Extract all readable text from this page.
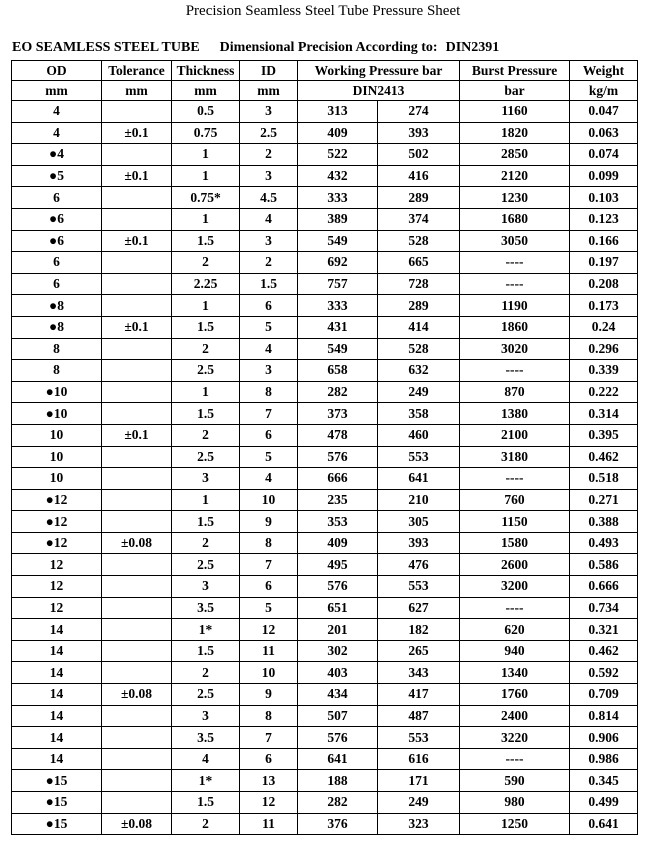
Precision Seamless Steel Tube Pressure Sheet
EO SEAMLESS STEEL TUBE Dimensional Precision According to: DIN2391
OD	Tolerance	Thickness	ID	Working Pressure bar		Burst Pressure	Weight
mm	mm	mm	mm	DIN2413		bar	kg/m
4		0.5	3	313	274	1160	0.047
4	±0.1	0.75	2.5	409	393	1820	0.063
●4		1	2	522	502	2850	0.074
●5	±0.1	1	3	432	416	2120	0.099
6		0.75*	4.5	333	289	1230	0.103
●6		1	4	389	374	1680	0.123
●6	±0.1	1.5	3	549	528	3050	0.166
6		2	2	692	665	----	0.197
6		2.25	1.5	757	728	----	0.208
●8		1	6	333	289	1190	0.173
●8	±0.1	1.5	5	431	414	1860	0.24
8		2	4	549	528	3020	0.296
8		2.5	3	658	632	----	0.339
●10		1	8	282	249	870	0.222
●10		1.5	7	373	358	1380	0.314
10	±0.1	2	6	478	460	2100	0.395
10		2.5	5	576	553	3180	0.462
10		3	4	666	641	----	0.518
●12		1	10	235	210	760	0.271
●12		1.5	9	353	305	1150	0.388
●12	±0.08	2	8	409	393	1580	0.493
12		2.5	7	495	476	2600	0.586
12		3	6	576	553	3200	0.666
12		3.5	5	651	627	----	0.734
14		1*	12	201	182	620	0.321
14		1.5	11	302	265	940	0.462
14		2	10	403	343	1340	0.592
14	±0.08	2.5	9	434	417	1760	0.709
14		3	8	507	487	2400	0.814
14		3.5	7	576	553	3220	0.906
14		4	6	641	616	----	0.986
●15		1*	13	188	171	590	0.345
●15		1.5	12	282	249	980	0.499
●15	±0.08	2	11	376	323	1250	0.641
